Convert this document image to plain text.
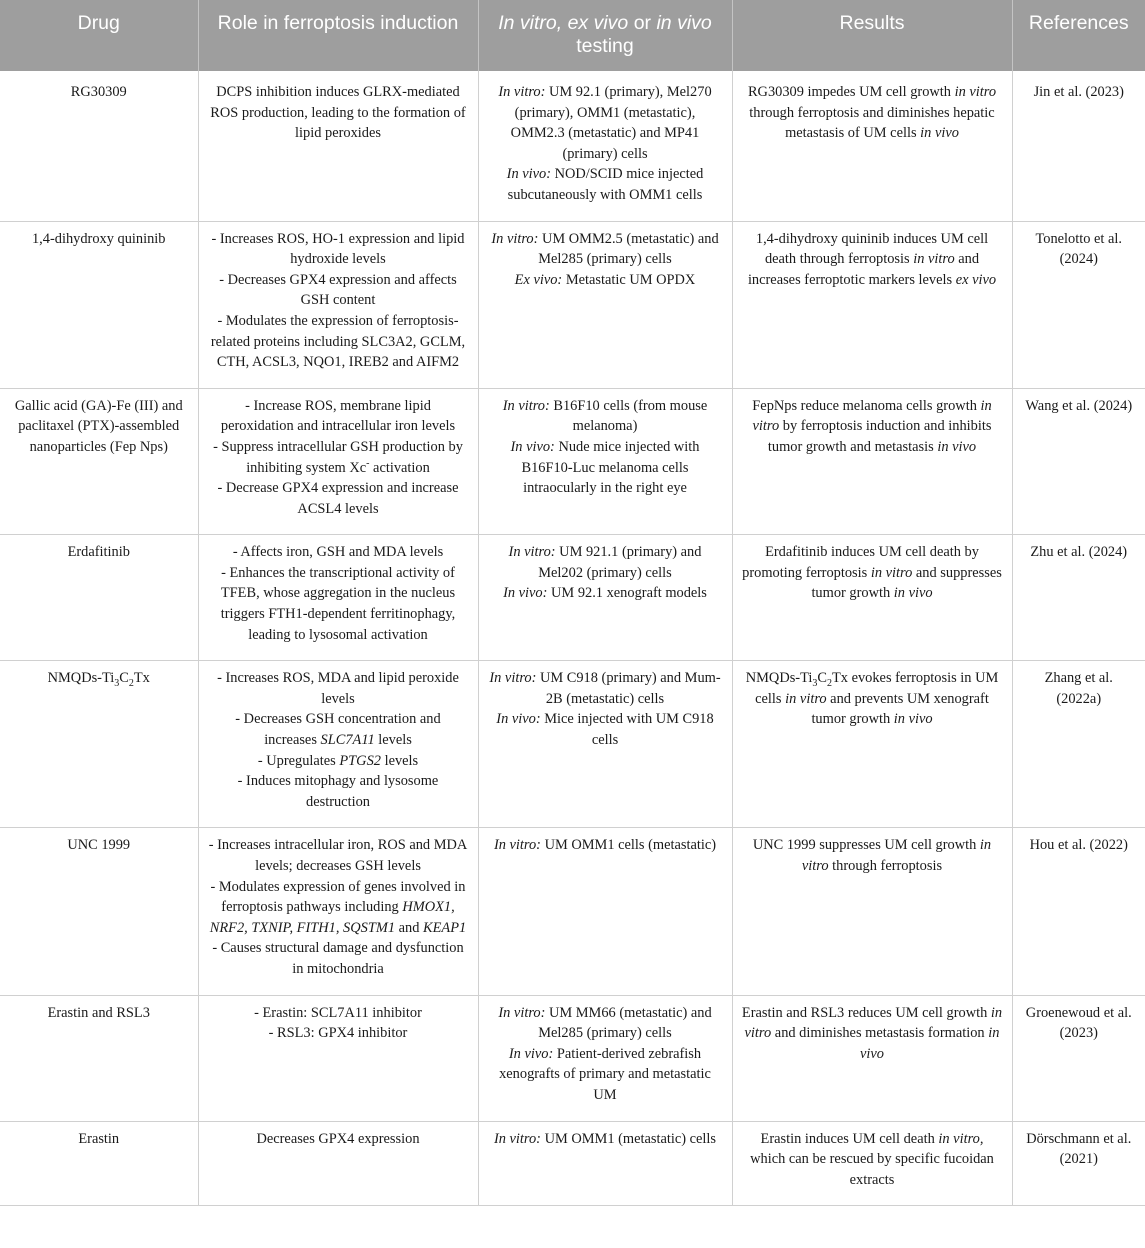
Drug	Role in ferroptosis induction	In vitro, ex vivo or in vivo testing	Results	References

RG30309	DCPS inhibition induces GLRX-mediated ROS production, leading to the formation of lipid peroxides	In vitro: UM 92.1 (primary), Mel270 (primary), OMM1 (metastatic), OMM2.3 (metastatic) and MP41 (primary) cells
In vivo: NOD/SCID mice injected subcutaneously with OMM1 cells	RG30309 impedes UM cell growth in vitro through ferroptosis and diminishes hepatic metastasis of UM cells in vivo	Jin et al. (2023)

1,4-dihydroxy quininib	- Increases ROS, HO-1 expression and lipid hydroxide levels
- Decreases GPX4 expression and affects GSH content
- Modulates the expression of ferroptosis-related proteins including SLC3A2, GCLM, CTH, ACSL3, NQO1, IREB2 and AIFM2	In vitro: UM OMM2.5 (metastatic) and Mel285 (primary) cells
Ex vivo: Metastatic UM OPDX	1,4-dihydroxy quininib induces UM cell death through ferroptosis in vitro and increases ferroptotic markers levels ex vivo	Tonelotto et al. (2024)

Gallic acid (GA)-Fe (III) and paclitaxel (PTX)-assembled nanoparticles (Fep Nps)	- Increase ROS, membrane lipid peroxidation and intracellular iron levels
- Suppress intracellular GSH production by inhibiting system Xc- activation
- Decrease GPX4 expression and increase ACSL4 levels	In vitro: B16F10 cells (from mouse melanoma)
In vivo: Nude mice injected with B16F10-Luc melanoma cells intraocularly in the right eye	FepNps reduce melanoma cells growth in vitro by ferroptosis induction and inhibits tumor growth and metastasis in vivo	Wang et al. (2024)

Erdafitinib	- Affects iron, GSH and MDA levels
- Enhances the transcriptional activity of TFEB, whose aggregation in the nucleus triggers FTH1-dependent ferritinophagy, leading to lysosomal activation	In vitro: UM 921.1 (primary) and Mel202 (primary) cells
In vivo: UM 92.1 xenograft models	Erdafitinib induces UM cell death by promoting ferroptosis in vitro and suppresses tumor growth in vivo	Zhu et al. (2024)

NMQDs-$Ti_3C_2Tx$	- Increases ROS, MDA and lipid peroxide levels
- Decreases GSH concentration and increases SLC7A11 levels
- Upregulates PTGS2 levels
- Induces mitophagy and lysosome destruction	In vitro: UM C918 (primary) and Mum-2B (metastatic) cells
In vivo: Mice injected with UM C918 cells	NMQDs-$Ti_3C_2Tx$ evokes ferroptosis in UM cells in vitro and prevents UM xenograft tumor growth in vivo	Zhang et al. (2022a)

UNC 1999	- Increases intracellular iron, ROS and MDA levels; decreases GSH levels
- Modulates expression of genes involved in ferroptosis pathways including HMOX1, NRF2, TXNIP, FITH1, SQSTM1 and KEAP1
- Causes structural damage and dysfunction in mitochondria	In vitro: UM OMM1 cells (metastatic)	UNC 1999 suppresses UM cell growth in vitro through ferroptosis	Hou et al. (2022)

Erastin and RSL3	- Erastin: SCL7A11 inhibitor
- RSL3: GPX4 inhibitor	In vitro: UM MM66 (metastatic) and Mel285 (primary) cells
In vivo: Patient-derived zebrafish xenografts of primary and metastatic UM	Erastin and RSL3 reduces UM cell growth in vitro and diminishes metastasis formation in vivo	Groenewoud et al. (2023)

Erastin	Decreases GPX4 expression	In vitro: UM OMM1 (metastatic) cells	Erastin induces UM cell death in vitro, which can be rescued by specific fucoidan extracts	Dörschmann et al. (2021)
